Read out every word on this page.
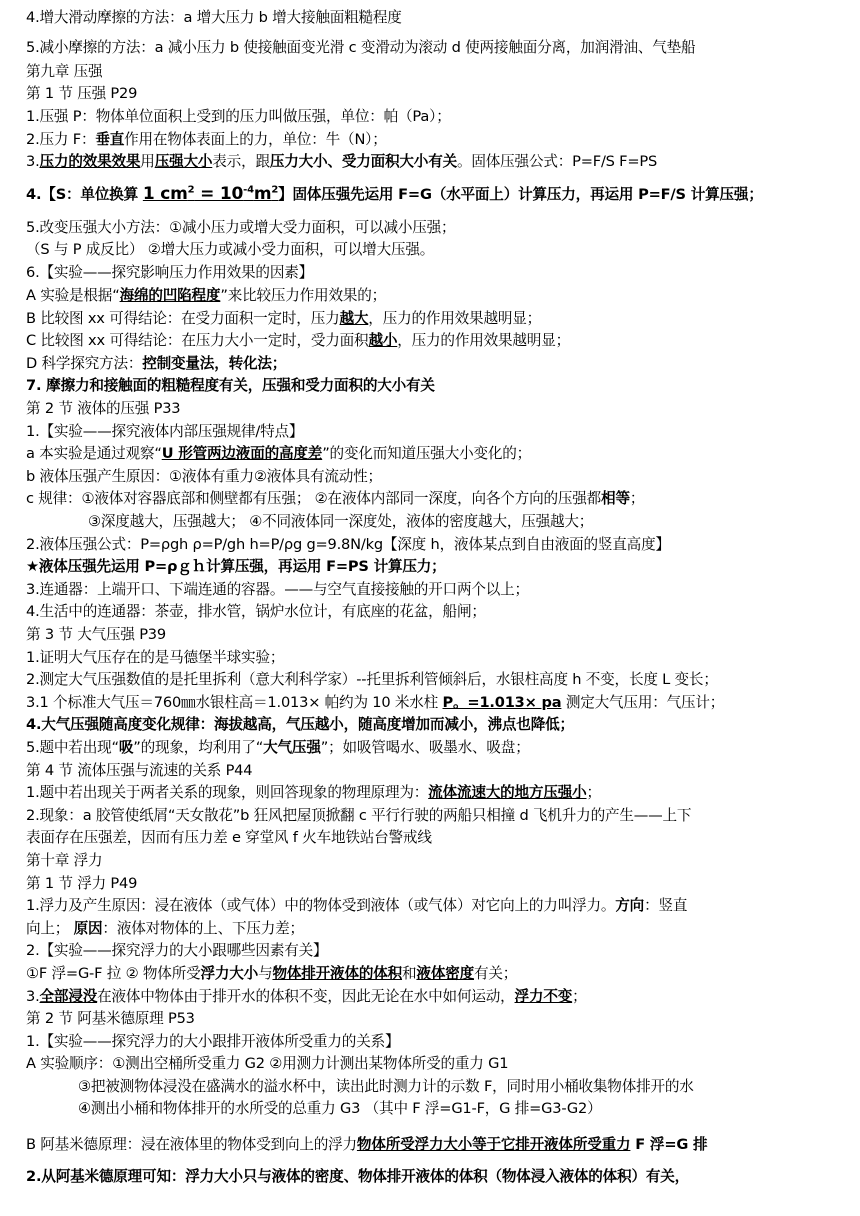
4.增大滑动摩擦的方法：a 增大压力 b 增大接触面粗糙程度
5.减小摩擦的方法：a 减小压力 b 使接触面变光滑 c 变滑动为滚动 d 使两接触面分离，加润滑油、气垫船
第九章 压强
第 1 节 压强 P29
1.压强 P：物体单位面积上受到的压力叫做压强，单位：帕（Pa）；
2.压力 F：垂直作用在物体表面上的力，单位：牛（N）；
3.压力的效果效果用压强大小表示，跟压力大小、受力面积大小有关。固体压强公式：P=F/S F=PS
4.【S：单位换算 1 $cm^2 = 10^{-4}m^2$】固体压强先运用 F=G（水平面上）计算压力，再运用 P=F/S 计算压强；
5.改变压强大小方法：①减小压力或增大受力面积，可以减小压强；
（S 与 P 成反比） ②增大压力或减小受力面积，可以增大压强。
6.【实验——探究影响压力作用效果的因素】
A 实验是根据“海绵的凹陷程度”来比较压力作用效果的；
B 比较图 xx 可得结论：在受力面积一定时，压力越大，压力的作用效果越明显；
C 比较图 xx 可得结论：在压力大小一定时，受力面积越小，压力的作用效果越明显；
D 科学探究方法：控制变量法，转化法；
7. 摩擦力和接触面的粗糙程度有关，压强和受力面积的大小有关
第 2 节 液体的压强 P33
1.【实验——探究液体内部压强规律/特点】
a 本实验是通过观察“U 形管两边液面的高度差”的变化而知道压强大小变化的；
b 液体压强产生原因：①液体有重力②液体具有流动性；
c 规律：①液体对容器底部和侧壁都有压强； ②在液体内部同一深度，向各个方向的压强都相等；
③深度越大，压强越大； ④不同液体同一深度处，液体的密度越大，压强越大；
2.液体压强公式：P=ρgh ρ=P/gh h=P/ρg g=9.8N/kg【深度 h，液体某点到自由液面的竖直高度】
★液体压强先运用 P=ρｇｈ计算压强，再运用 F=PS 计算压力；
3.连通器：上端开口、下端连通的容器。——与空气直接接触的开口两个以上；
4.生活中的连通器：茶壶，排水管，锅炉水位计，有底座的花盆，船闸；
第 3 节 大气压强 P39
1.证明大气压存在的是马德堡半球实验；
2.测定大气压强数值的是托里拆利（意大利科学家）--托里拆利管倾斜后，水银柱高度 h 不变，长度 L 变长；
3.1 个标准大气压＝760㎜水银柱高＝1.013× 帕约为 10 米水柱 P。=1.013× pa 测定大气压用：气压计；
4.大气压强随高度变化规律：海拔越高，气压越小，随高度增加而减小，沸点也降低；
5.题中若出现“吸”的现象，均利用了“大气压强”；如吸管喝水、吸墨水、吸盘；
第 4 节 流体压强与流速的关系 P44
1.题中若出现关于两者关系的现象，则回答现象的物理原理为：流体流速大的地方压强小；
2.现象：a 胶管使纸屑“天女散花”b 狂风把屋顶掀翻 c 平行行驶的两船只相撞 d 飞机升力的产生——上下
表面存在压强差，因而有压力差 e 穿堂风 f 火车地铁站台警戒线
第十章 浮力
第 1 节 浮力 P49
1.浮力及产生原因：浸在液体（或气体）中的物体受到液体（或气体）对它向上的力叫浮力。方向：竖直
向上； 原因：液体对物体的上、下压力差；
2.【实验——探究浮力的大小跟哪些因素有关】
①F 浮=G-F 拉 ② 物体所受浮力大小与物体排开液体的体积和液体密度有关；
3.全部浸没在液体中物体由于排开水的体积不变，因此无论在水中如何运动，浮力不变；
第 2 节 阿基米德原理 P53
1.【实验——探究浮力的大小跟排开液体所受重力的关系】
A 实验顺序：①测出空桶所受重力 G2 ②用测力计测出某物体所受的重力 G1
③把被测物体浸没在盛满水的溢水杯中，读出此时测力计的示数 F，同时用小桶收集物体排开的水
④测出小桶和物体排开的水所受的总重力 G3 （其中 F 浮=G1-F，G 排=G3-G2）
B 阿基米德原理：浸在液体里的物体受到向上的浮力物体所受浮力大小等于它排开液体所受重力 F 浮=G 排
2.从阿基米德原理可知：浮力大小只与液体的密度、物体排开液体的体积（物体浸入液体的体积）有关，
